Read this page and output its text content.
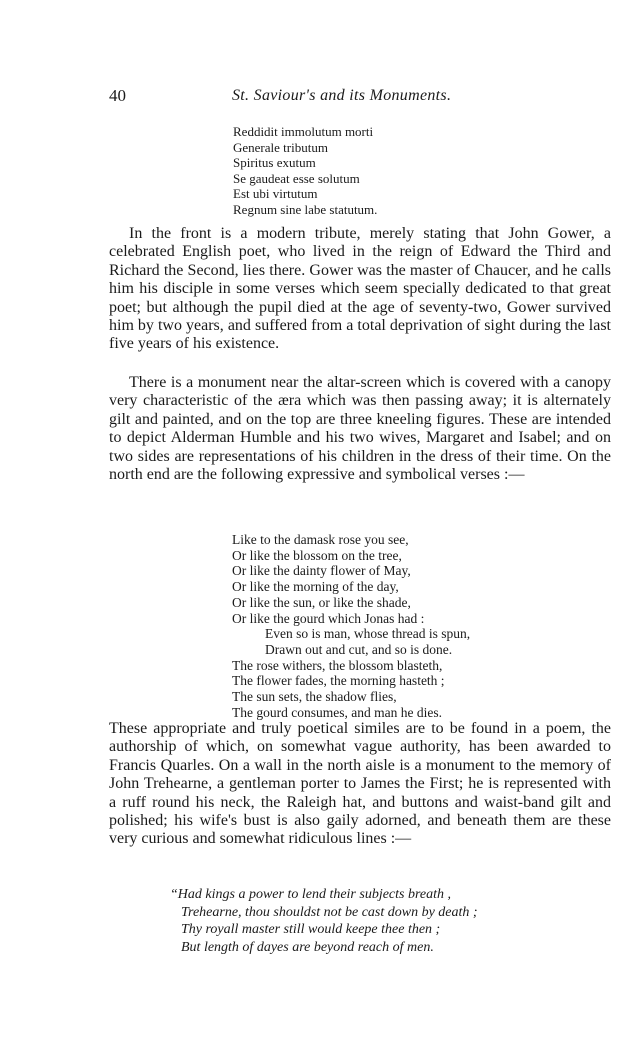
40	St. Saviour's and its Monuments.
Reddidit immolutum morti
Generale tributum
Spiritus exutum
Se gaudeat esse solutum
Est ubi virtutum
Regnum sine labe statutum.

In the front is a modern tribute, merely stating that John Gower, a celebrated English poet, who lived in the reign of Edward the Third and Richard the Second, lies there. Gower was the master of Chaucer, and he calls him his disciple in some verses which seem specially dedicated to that great poet; but although the pupil died at the age of seventy-two, Gower survived him by two years, and suffered from a total deprivation of sight during the last five years of his existence.

There is a monument near the altar-screen which is covered with a canopy very characteristic of the æra which was then passing away; it is alternately gilt and painted, and on the top are three kneeling figures. These are intended to depict Alderman Humble and his two wives, Margaret and Isabel; and on two sides are representations of his children in the dress of their time. On the north end are the following expressive and symbolical verses :—

Like to the damask rose you see,
Or like the blossom on the tree,
Or like the dainty flower of May,
Or like the morning of the day,
Or like the sun, or like the shade,
Or like the gourd which Jonas had :
Even so is man, whose thread is spun,
Drawn out and cut, and so is done.
The rose withers, the blossom blasteth,
The flower fades, the morning hasteth ;
The sun sets, the shadow flies,
The gourd consumes, and man he dies.

These appropriate and truly poetical similes are to be found in a poem, the authorship of which, on somewhat vague authority, has been awarded to Francis Quarles. On a wall in the north aisle is a monument to the memory of John Trehearne, a gentleman porter to James the First; he is represented with a ruff round his neck, the Raleigh hat, and buttons and waist-band gilt and polished; his wife's bust is also gaily adorned, and beneath them are these very curious and somewhat ridiculous lines :—

“Had kings a power to lend their subjects breath ,
Trehearne, thou shouldst not be cast down by death ;
Thy royall master still would keepe thee then ;
But length of dayes are beyond reach of men.
